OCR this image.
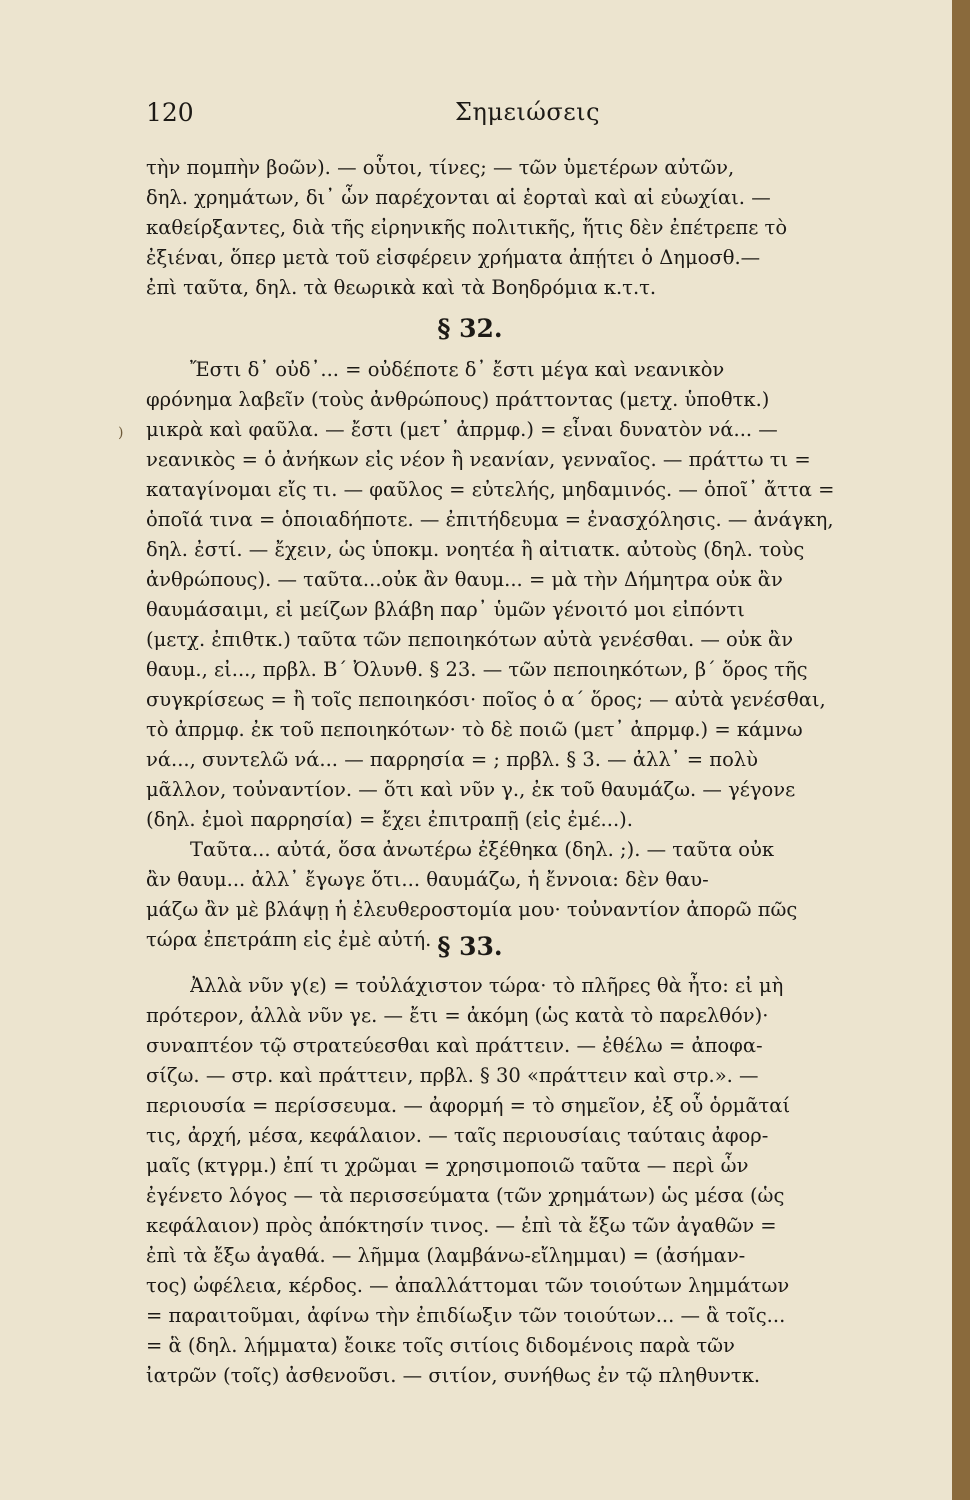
120	Σημειώσεις
)
τὴν πομπὴν βοῶν). — οὗτοι, τίνες; — τῶν ὑμετέρων αὐτῶν,
δηλ. χρημάτων, δι᾿ ὧν παρέχονται αἱ ἑορταὶ καὶ αἱ εὐωχίαι. —
καθείρξαντες, διὰ τῆς εἰρηνικῆς πολιτικῆς, ἥτις δὲν ἐπέτρεπε τὸ
ἐξιέναι, ὅπερ μετὰ τοῦ εἰσφέρειν χρήματα ἀπῄτει ὁ Δημοσθ.—
ἐπὶ ταῦτα, δηλ. τὰ θεωρικὰ καὶ τὰ Βοηδρόμια κ.τ.τ.
§ 32.
Ἔστι δ᾿ οὐδ᾿... = οὐδέποτε δ᾿ ἔστι μέγα καὶ νεανικὸν
φρόνημα λαβεῖν (τοὺς ἀνθρώπους) πράττοντας (μετχ. ὑποθτκ.)
μικρὰ καὶ φαῦλα. — ἔστι (μετ᾿ ἀπρμφ.) = εἶναι δυνατὸν νά... —
νεανικὸς = ὁ ἀνήκων εἰς νέον ἢ νεανίαν, γενναῖος. — πράττω τι =
καταγίνομαι εἴς τι. — φαῦλος = εὐτελής, μηδαμινός. — ὁποῖ᾿ ἄττα =
ὁποῖά τινα = ὁποιαδήποτε. — ἐπιτήδευμα = ἐνασχόλησις. — ἀνάγκη,
δηλ. ἐστί. — ἔχειν, ὡς ὑποκμ. νοητέα ἢ αἰτιατκ. αὐτοὺς (δηλ. τοὺς
ἀνθρώπους). — ταῦτα...οὐκ ἂν θαυμ... = μὰ τὴν Δήμητρα οὐκ ἂν
θαυμάσαιμι, εἰ μείζων βλάβη παρ᾿ ὑμῶν γένοιτό μοι εἰπόντι
(μετχ. ἐπιθτκ.) ταῦτα τῶν πεποιηκότων αὐτὰ γενέσθαι. — οὐκ ἂν
θαυμ., εἰ..., πρβλ. Β΄ Ὀλυνθ. § 23. — τῶν πεποιηκότων, β΄ ὅρος τῆς
συγκρίσεως = ἢ τοῖς πεποιηκόσι· ποῖος ὁ α΄ ὅρος; — αὐτὰ γενέσθαι,
τὸ ἀπρμφ. ἐκ τοῦ πεποιηκότων· τὸ δὲ ποιῶ (μετ᾿ ἀπρμφ.) = κάμνω
νά..., συντελῶ νά... — παρρησία = ; πρβλ. § 3. — ἀλλ᾿ = πολὺ
μᾶλλον, τοὐναντίον. — ὅτι καὶ νῦν γ., ἐκ τοῦ θαυμάζω. — γέγονε
(δηλ. ἐμοὶ παρρησία) = ἔχει ἐπιτραπῇ (εἰς ἐμέ...).
Ταῦτα... αὐτά, ὅσα ἀνωτέρω ἐξέθηκα (δηλ. ;). — ταῦτα οὐκ
ἂν θαυμ... ἀλλ᾿ ἔγωγε ὅτι... θαυμάζω, ἡ ἔννοια: δὲν θαυ-
μάζω ἂν μὲ βλάψῃ ἡ ἐλευθεροστομία μου· τοὐναντίον ἀπορῶ πῶς
τώρα ἐπετράπη εἰς ἐμὲ αὐτή. § 33.
Ἀλλὰ νῦν γ(ε) = τοὐλάχιστον τώρα· τὸ πλῆρες θὰ ἦτο: εἰ μὴ
πρότερον, ἀλλὰ νῦν γε. — ἔτι = ἀκόμη (ὡς κατὰ τὸ παρελθόν)·
συναπτέον τῷ στρατεύεσθαι καὶ πράττειν. — ἐθέλω = ἀποφα-
σίζω. — στρ. καὶ πράττειν, πρβλ. § 30 «πράττειν καὶ στρ.». —
περιουσία = περίσσευμα. — ἀφορμή = τὸ σημεῖον, ἐξ οὗ ὁρμᾶταί
τις, ἀρχή, μέσα, κεφάλαιον. — ταῖς περιουσίαις ταύταις ἀφορ-
μαῖς (κτγρμ.) ἐπί τι χρῶμαι = χρησιμοποιῶ ταῦτα — περὶ ὧν
ἐγένετο λόγος — τὰ περισσεύματα (τῶν χρημάτων) ὡς μέσα (ὡς
κεφάλαιον) πρὸς ἀπόκτησίν τινος. — ἐπὶ τὰ ἔξω τῶν ἀγαθῶν =
ἐπὶ τὰ ἔξω ἀγαθά. — λῆμμα (λαμβάνω-εἴλημμαι) = (ἀσήμαν-
τος) ὠφέλεια, κέρδος. — ἀπαλλάττομαι τῶν τοιούτων λημμάτων
= παραιτοῦμαι, ἀφίνω τὴν ἐπιδίωξιν τῶν τοιούτων... — ἃ τοῖς...
= ἃ (δηλ. λήμματα) ἔοικε τοῖς σιτίοις διδομένοις παρὰ τῶν
ἰατρῶν (τοῖς) ἀσθενοῦσι. — σιτίον, συνήθως ἐν τῷ πληθυντκ.
